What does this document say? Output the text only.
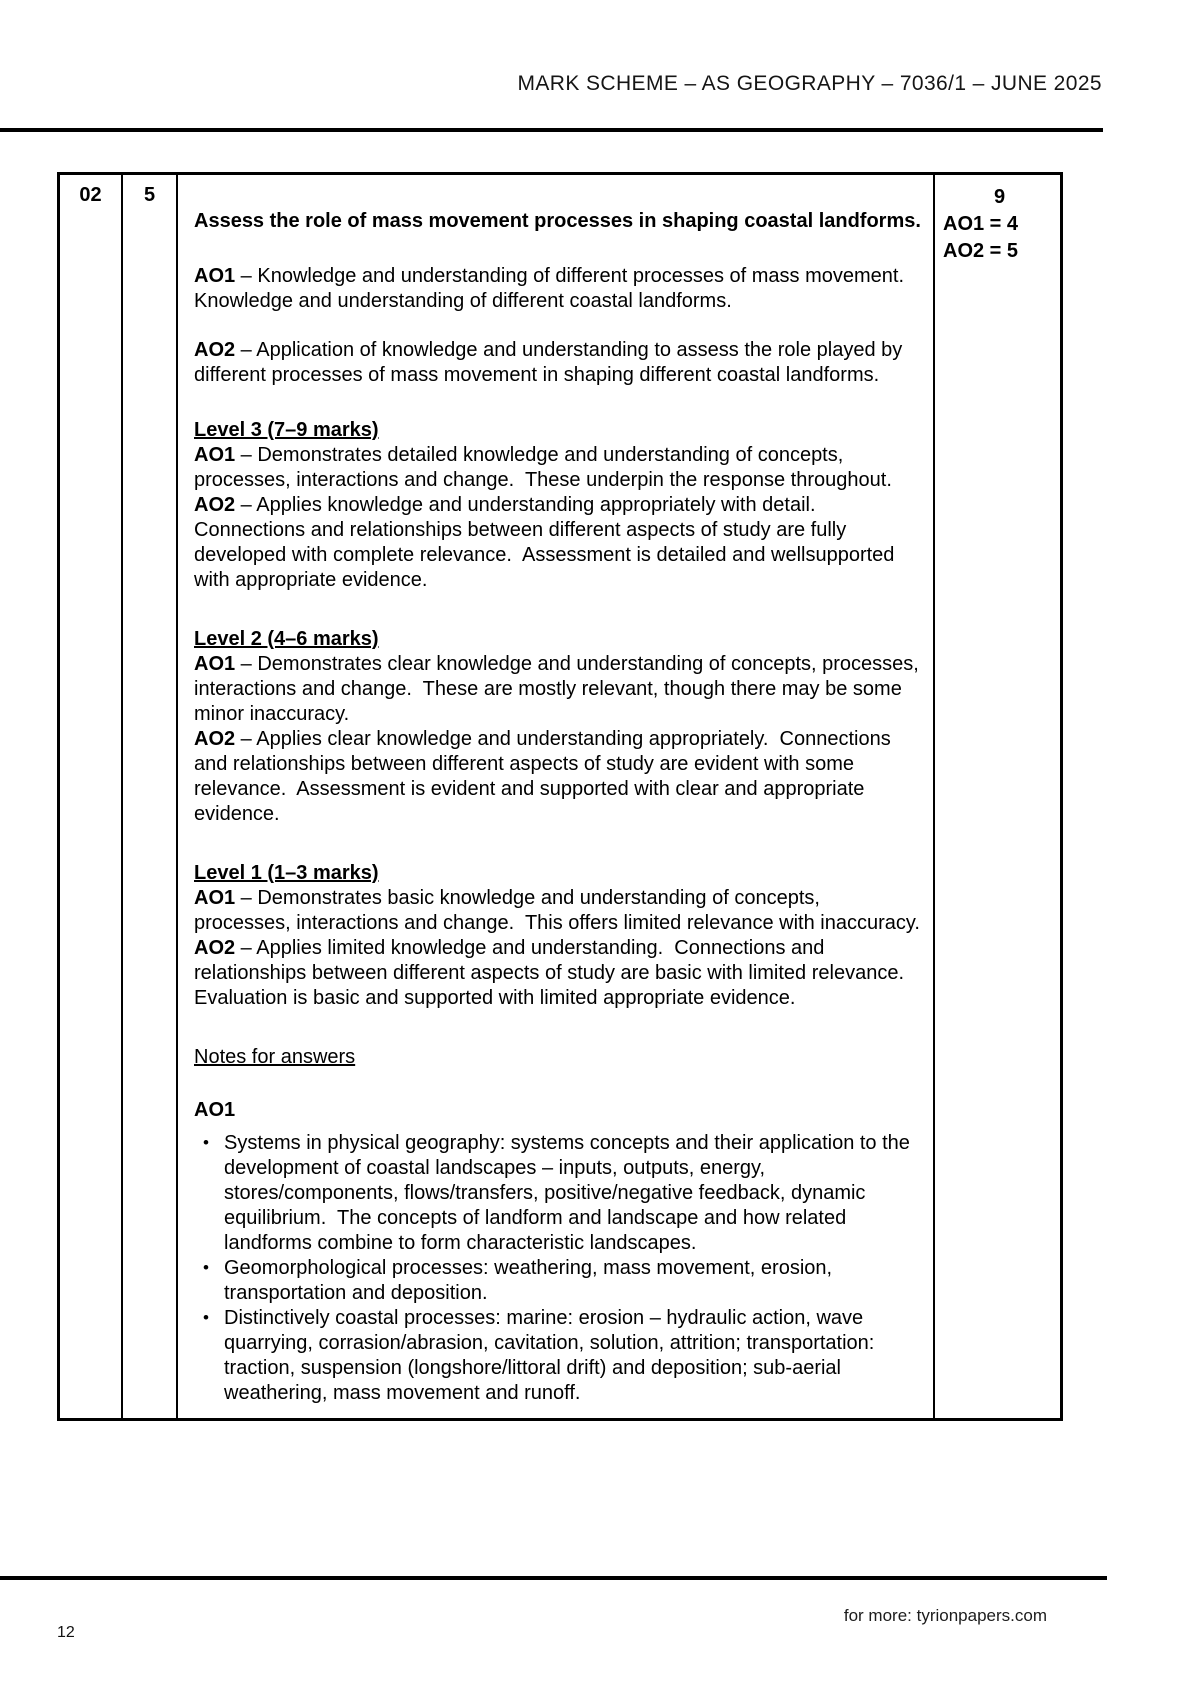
MARK SCHEME – AS GEOGRAPHY – 7036/1 – JUNE 2025
02	5
Assess the role of mass movement processes in shaping coastal landforms.

AO1 – Knowledge and understanding of different processes of mass movement.  Knowledge and understanding of different coastal landforms.

AO2 – Application of knowledge and understanding to assess the role played by different processes of mass movement in shaping different coastal landforms.

Level 3 (7–9 marks)

AO1 – Demonstrates detailed knowledge and understanding of concepts, processes, interactions and change.  These underpin the response throughout.

AO2 – Applies knowledge and understanding appropriately with detail.  Connections and relationships between different aspects of study are fully developed with complete relevance.  Assessment is detailed and wellsupported with appropriate evidence.

Level 2 (4–6 marks)

AO1 – Demonstrates clear knowledge and understanding of concepts, processes, interactions and change.  These are mostly relevant, though there may be some minor inaccuracy.

AO2 – Applies clear knowledge and understanding appropriately.  Connections and relationships between different aspects of study are evident with some relevance.  Assessment is evident and supported with clear and appropriate evidence.

Level 1 (1–3 marks)

AO1 – Demonstrates basic knowledge and understanding of concepts, processes, interactions and change.  This offers limited relevance with inaccuracy.

AO2 – Applies limited knowledge and understanding.  Connections and relationships between different aspects of study are basic with limited relevance.  Evaluation is basic and supported with limited appropriate evidence.

Notes for answers
AO1
• Systems in physical geography: systems concepts and their application to the development of coastal landscapes – inputs, outputs, energy, stores/components, flows/transfers, positive/negative feedback, dynamic equilibrium.  The concepts of landform and landscape and how related landforms combine to form characteristic landscapes.
• Geomorphological processes: weathering, mass movement, erosion, transportation and deposition.
• Distinctively coastal processes: marine: erosion – hydraulic action, wave quarrying, corrasion/abrasion, cavitation, solution, attrition; transportation: traction, suspension (longshore/littoral drift) and deposition; sub-aerial weathering, mass movement and runoff.
9
AO1 = 4
AO2 = 5
for more: tyrionpapers.com
12
